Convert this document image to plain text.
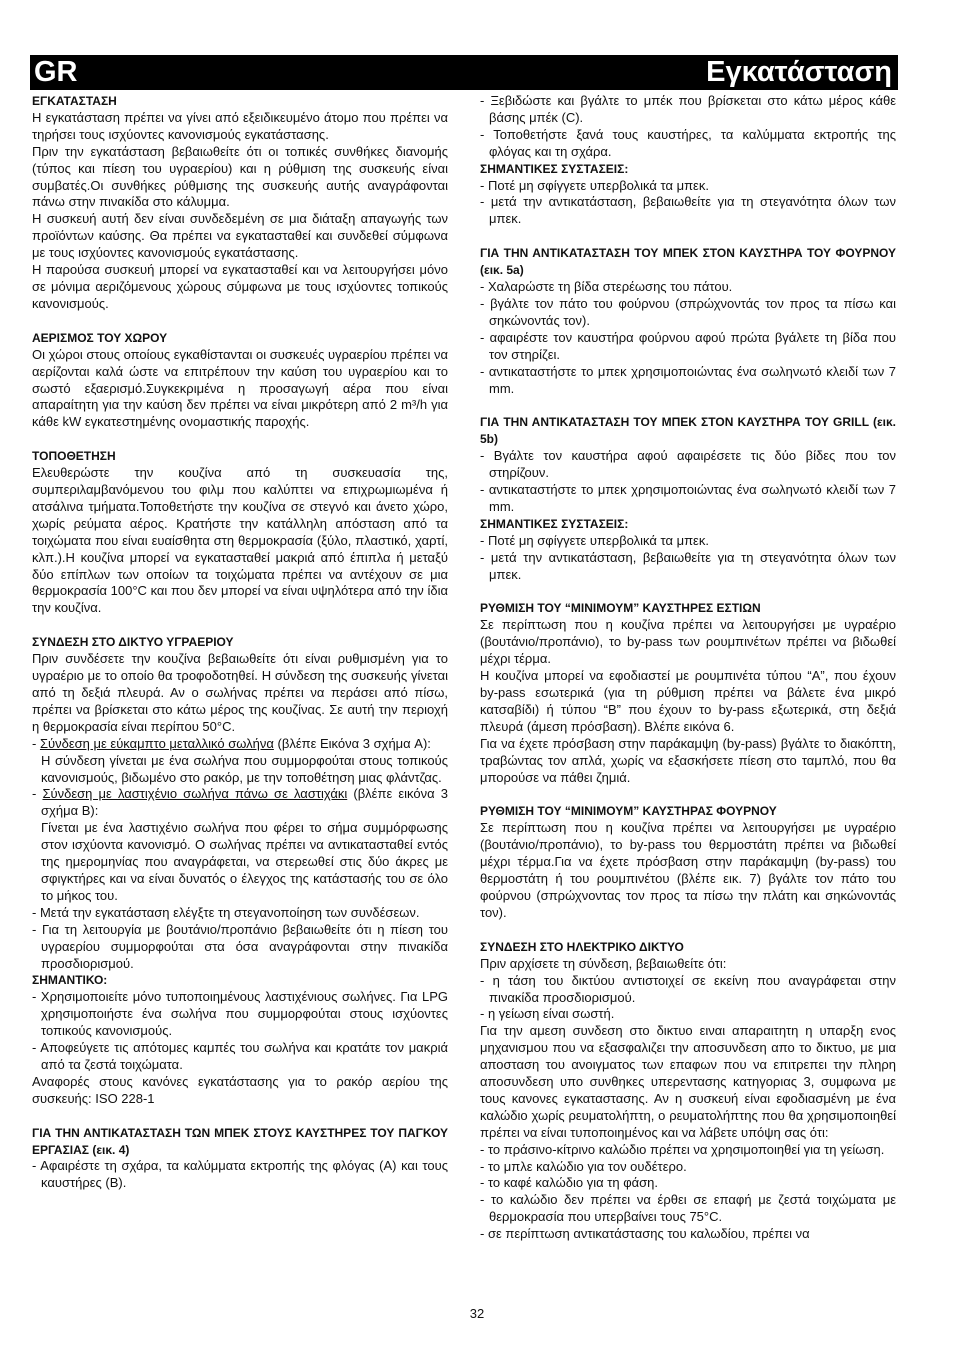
GR	Εγκατάσταση

ΕΓΚΑΤΑΣΤΑΣΗ

Η εγκατάσταση πρέπει να γίνει από εξειδικευμένο άτομο που πρέπει να τηρήσει τους ισχύοντες κανονισμούς εγκατάστασης.

Πριν την εγκατάσταση βεβαιωθείτε ότι οι τοπικές συνθήκες διανομής (τύπος και πίεση του υγραερίου) και η ρύθμιση της συσκευής είναι συμβατές.Οι συνθήκες ρύθμισης της συσκευής αυτής αναγράφονται πάνω στην πινακίδα στο κάλυμμα.

Η συσκευή αυτή δεν είναι συνδεδεμένη σε μια διάταξη απαγωγής των προϊόντων καύσης. Θα πρέπει να εγκατασταθεί και συνδεθεί σύμφωνα με τους ισχύοντες κανονισμούς εγκατάστασης.

Η παρούσα συσκευή μπορεί να εγκατασταθεί και να λειτουργήσει μόνο σε μόνιμα αεριζόμενους χώρους σύμφωνα με τους ισχύοντες τοπικούς κανονισμούς.

ΑΕΡΙΣΜΟΣ ΤΟΥ ΧΩΡΟΥ

Οι χώροι στους οποίους εγκαθίστανται οι συσκευές υγραερίου πρέπει να αερίζονται καλά ώστε να επιτρέπουν την καύση του υγραερίου και το σωστό εξαερισμό.Συγκεκριμένα η προσαγωγή αέρα που είναι απαραίτητη για την καύση δεν πρέπει να είναι μικρότερη από 2 m³/h για κάθε kW εγκατεστημένης ονομαστικής παροχής.

ΤΟΠΟΘΕΤΗΣΗ

Ελευθερώστε την κουζίνα από τη συσκευασία της, συμπεριλαμβανόμενου του φιλμ που καλύπτει να επιχρωμιωμένα ή ατσάλινα τμήματα.Τοποθετήστε την κουζίνα σε στεγνό και άνετο χώρο, χωρίς ρεύματα αέρος. Κρατήστε την κατάλληλη απόσταση από τα τοιχώματα που είναι ευαίσθητα στη θερμοκρασία (ξύλο, πλαστικό, χαρτί, κλπ.).Η κουζίνα μπορεί να εγκατασταθεί μακριά από έπιπλα ή μεταξύ δύο επίπλων των οποίων τα τοιχώματα πρέπει να αντέχουν σε μια θερμοκρασία 100°C και που δεν μπορεί να είναι υψηλότερα από την ίδια την κουζίνα.

ΣΥΝΔΕΣΗ ΣΤΟ ΔΙΚΤΥΟ ΥΓΡΑΕΡΙΟΥ

Πριν συνδέσετε την κουζίνα βεβαιωθείτε ότι είναι ρυθμισμένη για το υγραέριο με το οποίο θα τροφοδοτηθεί. Η σύνδεση της συσκευής γίνεται από τη δεξιά πλευρά. Αν ο σωλήνας πρέπει να περάσει από πίσω, πρέπει να βρίσκεται στο κάτω μέρος της κουζίνας. Σε αυτή την περιοχή η θερμοκρασία είναι περίπου 50°C.

- Σύνδεση με εύκαμπτο μεταλλικό σωλήνα (βλέπε Εικόνα 3 σχήμα A):

Η σύνδεση γίνεται με ένα σωλήνα που συμμορφούται στους τοπικούς κανονισμούς, βιδωμένο στο ρακόρ, με την τοποθέτηση μιας φλάντζας.

- Σύνδεση με λαστιχένιο σωλήνα πάνω σε λαστιχάκι (βλέπε εικόνα 3 σχήμα B):

Γίνεται με ένα λαστιχένιο σωλήνα που φέρει το σήμα συμμόρφωσης στον ισχύοντα κανονισμό. Ο σωλήνας πρέπει να αντικατασταθεί εντός της ημερομηνίας που αναγράφεται, να στερεωθεί στις δύο άκρες με σφιγκτήρες και να είναι δυνατός ο έλεγχος της κατάστασής του σε όλο το μήκος του.

- Μετά την εγκατάσταση ελέγξτε τη στεγανοποίηση των συνδέσεων.

- Για τη λειτουργία με βουτάνιο/προπάνιο βεβαιωθείτε ότι η πίεση του υγραερίου συμμορφούται στα όσα αναγράφονται στην πινακίδα προσδιορισμού.

ΣΗΜΑΝΤΙΚΟ:

- Χρησιμοποιείτε μόνο τυποποιημένους λαστιχένιους σωλήνες. Για LPG χρησιμοποιήστε ένα σωλήνα που συμμορφούται στους ισχύοντες τοπικούς κανονισμούς.

- Αποφεύγετε τις απότομες καμπές του σωλήνα και κρατάτε τον μακριά από τα ζεστά τοιχώματα.

Αναφορές στους κανόνες εγκατάστασης για το ρακόρ αερίου της συσκευής: ISO 228-1

ΓΙΑ ΤΗΝ ΑΝΤΙΚΑΤΑΣΤΑΣΗ ΤΩΝ ΜΠΕΚ ΣΤΟΥΣ ΚΑΥΣΤΗΡΕΣ ΤΟΥ ΠΑΓΚΟΥ ΕΡΓΑΣΙΑΣ (εικ. 4)

- Αφαιρέστε τη σχάρα, τα καλύμματα εκτροπής της φλόγας (A) και τους καυστήρες (B).

- Ξεβιδώστε και βγάλτε το μπέκ που βρίσκεται στο κάτω μέρος κάθε βάσης μπέκ (C).

- Τοποθετήστε ξανά τους καυστήρες, τα καλύμματα εκτροπής της φλόγας και τη σχάρα.

ΣΗΜΑΝΤΙΚΕΣ ΣΥΣΤΑΣΕΙΣ:

- Ποτέ μη σφίγγετε υπερβολικά τα μπεκ.

- μετά την αντικατάσταση, βεβαιωθείτε για τη στεγανότητα όλων των μπεκ.

ΓΙΑ ΤΗΝ ΑΝΤΙΚΑΤΑΣΤΑΣΗ ΤΟΥ ΜΠΕΚ ΣΤΟΝ ΚΑΥΣΤΗΡΑ ΤΟΥ ΦΟΥΡΝΟΥ (εικ. 5a)

- Χαλαρώστε τη βίδα στερέωσης του πάτου.

- βγάλτε τον πάτο του φούρνου (σπρώχνοντάς τον προς τα πίσω και σηκώνοντάς τον).

- αφαιρέστε τον καυστήρα φούρνου αφού πρώτα βγάλετε τη βίδα που τον στηρίζει.

- αντικαταστήστε το μπεκ χρησιμοποιώντας ένα σωληνωτό κλειδί των 7 mm.

ΓΙΑ ΤΗΝ ΑΝΤΙΚΑΤΑΣΤΑΣΗ ΤΟΥ ΜΠΕΚ ΣΤΟΝ ΚΑΥΣΤΗΡΑ ΤΟΥ GRILL (εικ. 5b)

- Βγάλτε τον καυστήρα αφού αφαιρέσετε τις δύο βίδες που τον στηρίζουν.

- αντικαταστήστε το μπεκ χρησιμοποιώντας ένα σωληνωτό κλειδί των 7 mm.

ΣΗΜΑΝΤΙΚΕΣ ΣΥΣΤΑΣΕΙΣ:

- Ποτέ μη σφίγγετε υπερβολικά τα μπεκ.

- μετά την αντικατάσταση, βεβαιωθείτε για τη στεγανότητα όλων των μπεκ.

ΡΥΘΜΙΣΗ ΤΟΥ “ΜΙΝΙΜΟΥΜ” ΚΑΥΣΤΗΡΕΣ ΕΣΤΙΩΝ

Σε περίπτωση που η κουζίνα πρέπει να λειτουργήσει με υγραέριο (βουτάνιο/προπάνιο), το by-pass των ρουμπινέτων πρέπει να βιδωθεί μέχρι τέρμα.

Η κουζίνα μπορεί να εφοδιαστεί με ρουμπινέτα τύπου “A”, που έχουν by-pass εσωτερικά (για τη ρύθμιση πρέπει να βάλετε ένα μικρό κατσαβίδι) ή τύπου “B” που έχουν το by-pass εξωτερικά, στη δεξιά πλευρά (άμεση πρόσβαση). Βλέπε εικόνα 6.

Για να έχετε πρόσβαση στην παράκαμψη (by-pass) βγάλτε το διακόπτη, τραβώντας τον απλά, χωρίς να εξασκήσετε πίεση στο ταμπλό, που θα μπορούσε να πάθει ζημιά.

ΡΥΘΜΙΣΗ ΤΟΥ “ΜΙΝΙΜΟΥΜ” ΚΑΥΣΤΗΡΑΣ ΦΟΥΡΝΟΥ

Σε περίπτωση που η κουζίνα πρέπει να λειτουργήσει με υγραέριο (βουτάνιο/προπάνιο), το by-pass του θερμοστάτη πρέπει να βιδωθεί μέχρι τέρμα.Για να έχετε πρόσβαση στην παράκαμψη (by-pass) του θερμοστάτη ή του ρουμπινέτου (βλέπε εικ. 7) βγάλτε τον πάτο του φούρνου (σπρώχνοντας τον προς τα πίσω την πλάτη και σηκώνοντάς τον).

ΣΥΝΔΕΣΗ ΣΤΟ ΗΛΕΚΤΡΙΚΟ ΔΙΚΤΥΟ

Πριν αρχίσετε τη σύνδεση, βεβαιωθείτε ότι:

- η τάση του δικτύου αντιστοιχεί σε εκείνη που αναγράφεται στην πινακίδα προσδιορισμού.

- η γείωση είναι σωστή.

Για την αμεση συνδεση στο δικτυο ειναι απαραιτητη η υπαρξη ενος μηχανισμου που να εξασφαλιζει την αποσυνδεση απο το δικτυο, με μια αποσταση του ανοιγματος των επαφων που να επιτρεπει την πληρη αποσυνδεση υπο συνθηκες υπερεντασης κατηγοριας 3, συμφωνα με τους κανονες εγκαταστασης. Αν η συσκευή είναι εφοδιασμένη με ένα καλώδιο χωρίς ρευματολήπτη, ο ρευματολήπτης που θα χρησιμοποιηθεί πρέπει να είναι τυποποιημένος και να λάβετε υπόψη σας ότι:

- το πράσινο-κίτρινο καλώδιο πρέπει να χρησιμοποιηθεί για τη γείωση.

- το μπλε καλώδιο για τον ουδέτερο.

- το καφέ καλώδιο για τη φάση.

- το καλώδιο δεν πρέπει να έρθει σε επαφή με ζεστά τοιχώματα με θερμοκρασία που υπερβαίνει τους 75°C.

- σε περίπτωση αντικατάστασης του καλωδίου, πρέπει να

32
